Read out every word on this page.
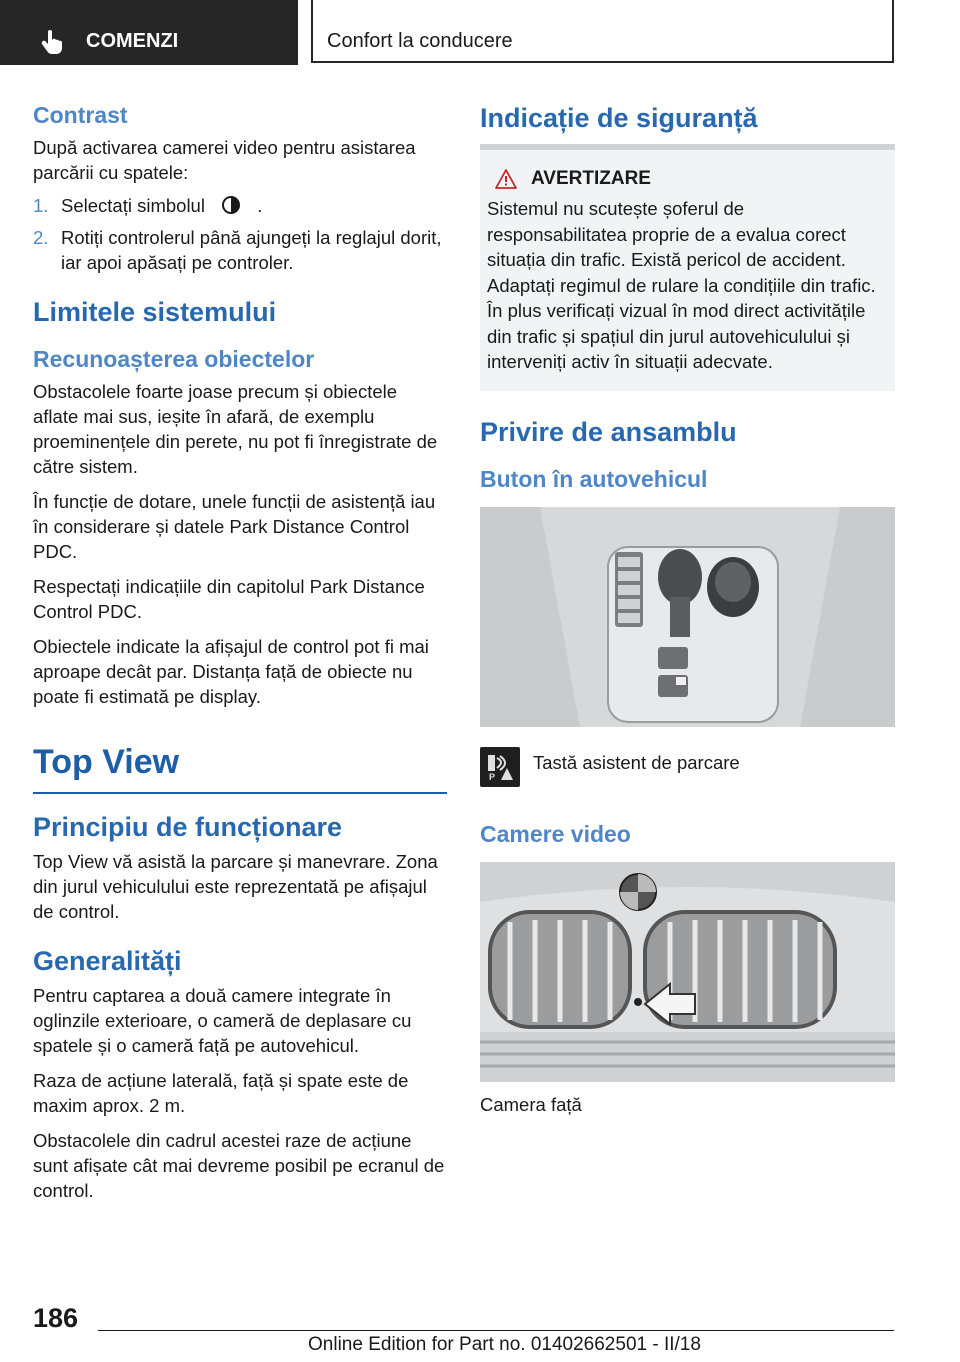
COMENZI	Confort la conducere
Contrast

După activarea camerei video pentru asistarea parcării cu spatele:

1. Selectați simbolul	.
2. Rotiți controlerul până ajungeți la reglajul dorit, iar apoi apăsați pe controler.
Limitele sistemului
Recunoașterea obiectelor

Obstacolele foarte joase precum și obiectele aflate mai sus, ieșite în afară, de exemplu proeminențele din perete, nu pot fi înregistrate de către sistem.

În funcție de dotare, unele funcții de asistență iau în considerare și datele Park Distance Control PDC.

Respectați indicațiile din capitolul Park Distance Control PDC.

Obiectele indicate la afișajul de control pot fi mai aproape decât par. Distanța față de obiecte nu poate fi estimată pe display.

Top View
Principiu de funcționare

Top View vă asistă la parcare și manevrare. Zona din jurul vehiculului este reprezentată pe afișajul de control.

Generalități

Pentru captarea a două camere integrate în oglinzile exterioare, o cameră de deplasare cu spatele și o cameră față pe autovehicul.

Raza de acțiune laterală, față și spate este de maxim aprox. 2 m.

Obstacolele din cadrul acestei raze de acțiune sunt afișate cât mai devreme posibil pe ecranul de control.

Indicație de siguranță
AVERTIZARE

Sistemul nu scutește șoferul de responsabilitatea proprie de a evalua corect situația din trafic. Există pericol de accident. Adaptați regimul de rulare la condițiile din trafic. În plus verificați vizual în mod direct activitățile din trafic și spațiul din jurul autovehiculului și interveniți activ în situații adecvate.

Privire de ansamblu
Buton în autovehicul
P

Tastă asistent de parcare

Camere video

Camera față

186
Online Edition for Part no. 01402662501 - II/18
